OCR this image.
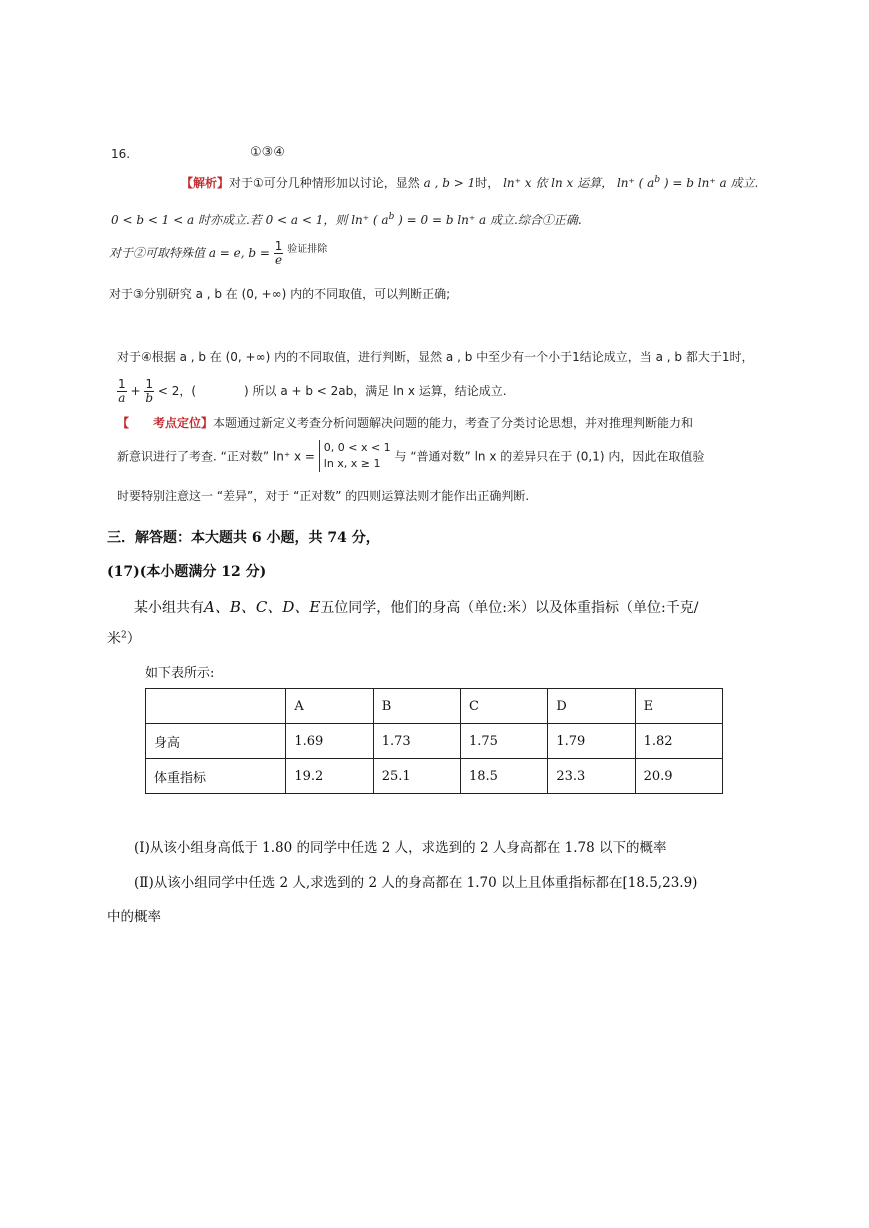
16.	①③④
【解析】对于①可分几种情形加以讨论，显然 a , b > 1时， ln⁺ x 依 ln x 运算， ln⁺ ( $a^b$ ) = b ln⁺ a 成立.
0 < b < 1 < a 时亦成立.若 0 < a < 1，则 ln⁺ ( $a^b$ ) = 0 = b ln⁺ a 成立.综合①正确.
对于②可取特殊值 a = e, $b = \frac{1}{e} ^{验证排除}$
对于③分别研究 a , b 在 (0, +∞) 内的不同取值，可以判断正确;
对于④根据 a , b 在 (0, +∞) 内的不同取值，进行判断，显然 a , b 中至少有一个小于1结论成立，当 a , b 都大于1时，
$\frac{1}{a} + \frac{1}{b} < 2$，(　　　　) 所以 a + b < 2ab，满足 ln x 运算，结论成立.
【　　考点定位】本题通过新定义考查分析问题解决问题的能力，考查了分类讨论思想，并对推理判断能力和
新意识进行了考查. “正对数” ln⁺ x =
0, 0 < x < 1
ln x, x ≥ 1	与 “普通对数” ln x 的差异只在于 (0,1) 内，因此在取值验
时要特别注意这一 “差异”，对于 “正对数” 的四则运算法则才能作出正确判断.
三．解答题：本大题共 6 小题，共 74 分，
(17)(本小题满分 12 分)
某小组共有A、B、C、D、E五位同学，他们的身高（单位:米）以及体重指标（单位:千克/
米$^2$）
如下表所示:
	A	B	C	D	E
身高	1.69	1.73	1.75	1.79	1.82
体重指标	19.2	25.1	18.5	23.3	20.9
(Ⅰ)从该小组身高低于 1.80 的同学中任选 2 人，求选到的 2 人身高都在 1.78 以下的概率
(Ⅱ)从该小组同学中任选 2 人,求选到的 2 人的身高都在 1.70 以上且体重指标都在[18.5,23.9)
中的概率
